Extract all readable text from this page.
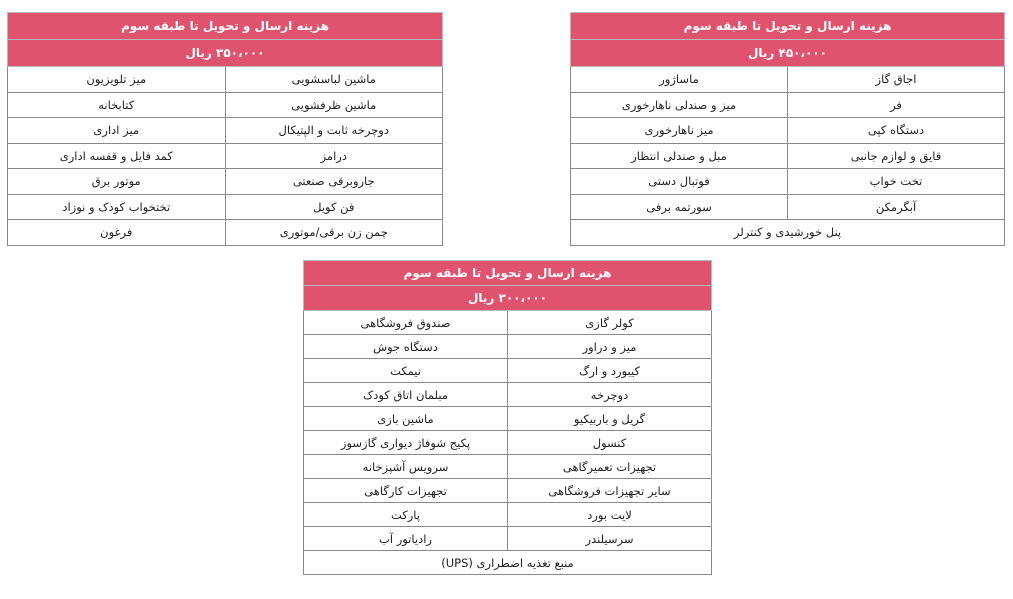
هزینه ارسال و تحویل تا طبقه سوم	
۴۵۰،۰۰۰ ریال	
اجاق گاز	ماساژور
فر	میز و صندلی ناهارخوری
دستگاه کپی	میز ناهارخوری
قایق و لوازم جانبی	مبل و صندلی انتظار
تخت خواب	فوتبال دستی
آبگرمکن	سورتمه برفی
پنل خورشیدی و کنترلر	
هزینه ارسال و تحویل تا طبقه سوم	
۳۵۰،۰۰۰ ریال	
ماشین لباسشویی	میز تلویزیون
ماشین ظرفشویی	کتابخانه
دوچرخه ثابت و الپتیکال	میز اداری
درامز	کمد فایل و قفسه اداری
جاروبرقی صنعتی	موتور برق
فن کویل	تختخواب کودک و نوزاد
چمن زن برقی/موتوری	فرغون
هزینه ارسال و تحویل تا طبقه سوم	
۳۰۰،۰۰۰ ریال	
کولر گازی	صندوق فروشگاهی
میز و دراور	دستگاه جوش
کیبورد و ارگ	نیمکت
دوچرخه	مبلمان اتاق کودک
گریل و باربیکیو	ماشین بازی
کنسول	پکیج شوفاژ دیواری گازسوز
تجهیزات تعمیرگاهی	سرویس آشپزخانه
سایر تجهیزات فروشگاهی	تجهیزات کارگاهی
لایت بورد	پارکت
سرسیلندر	رادیاتور آب
منبع تغذیه اضطراری (UPS)	
